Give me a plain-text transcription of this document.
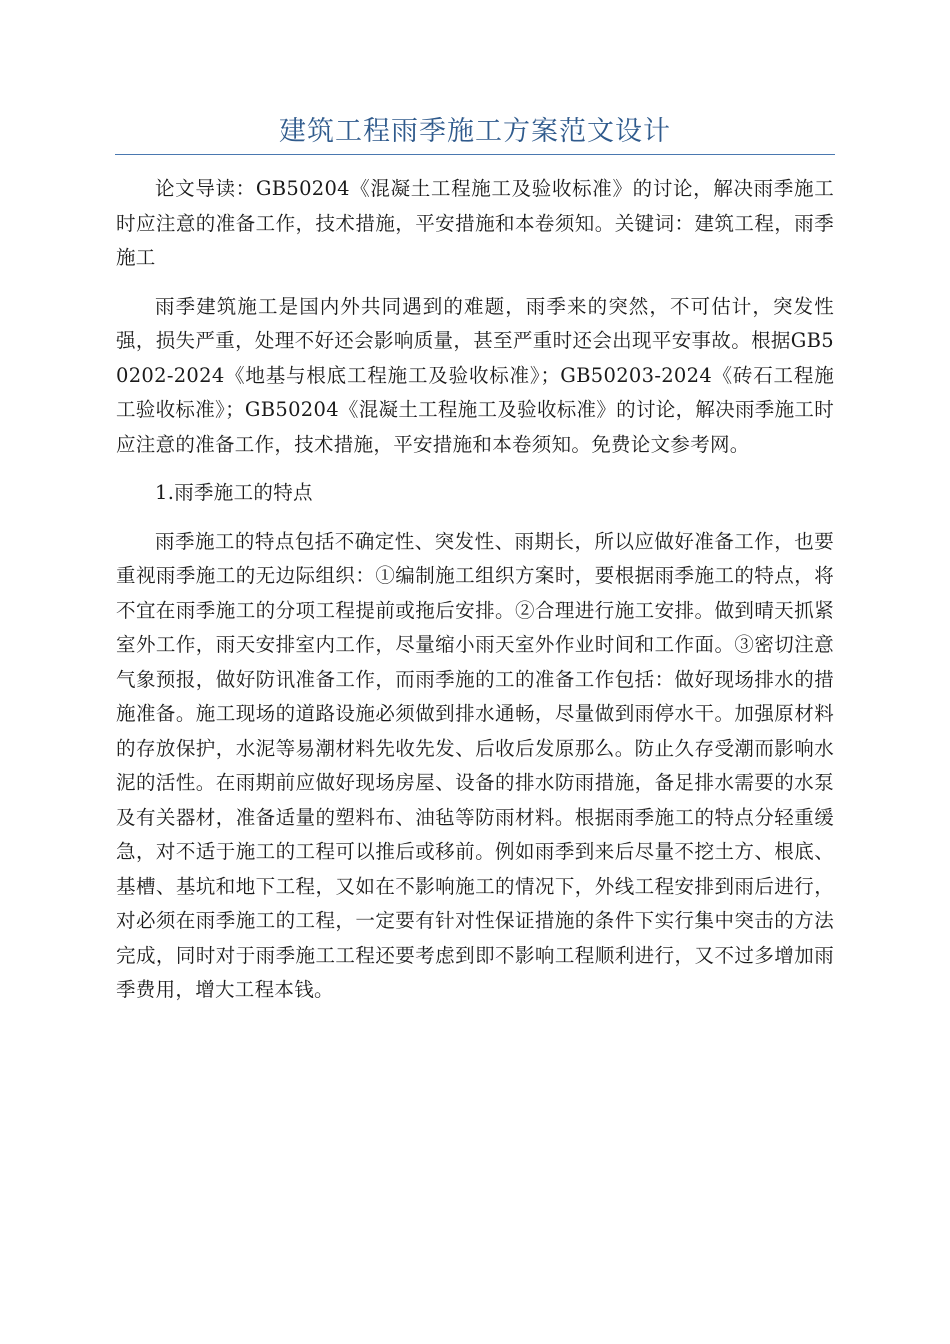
建筑工程雨季施工方案范文设计

论文导读：GB50204《混凝土工程施工及验收标准》的讨论，解决雨季施工时应注意的准备工作，技术措施，平安措施和本卷须知。关键词：建筑工程，雨季施工

雨季建筑施工是国内外共同遇到的难题，雨季来的突然，不可估计，突发性强，损失严重，处理不好还会影响质量，甚至严重时还会出现平安事故。根据GB50202-2024《地基与根底工程施工及验收标准》；GB50203-2024《砖石工程施工验收标准》；GB50204《混凝土工程施工及验收标准》的讨论，解决雨季施工时应注意的准备工作，技术措施，平安措施和本卷须知。免费论文参考网。

1.雨季施工的特点

雨季施工的特点包括不确定性、突发性、雨期长，所以应做好准备工作，也要重视雨季施工的无边际组织：①编制施工组织方案时，要根据雨季施工的特点，将不宜在雨季施工的分项工程提前或拖后安排。②合理进行施工安排。做到晴天抓紧室外工作，雨天安排室内工作，尽量缩小雨天室外作业时间和工作面。③密切注意气象预报，做好防讯准备工作，而雨季施的工的准备工作包括：做好现场排水的措施准备。施工现场的道路设施必须做到排水通畅，尽量做到雨停水干。加强原材料的存放保护，水泥等易潮材料先收先发、后收后发原那么。防止久存受潮而影响水泥的活性。在雨期前应做好现场房屋、设备的排水防雨措施，备足排水需要的水泵及有关器材，准备适量的塑料布、油毡等防雨材料。根据雨季施工的特点分轻重缓急，对不适于施工的工程可以推后或移前。例如雨季到来后尽量不挖土方、根底、基槽、基坑和地下工程，又如在不影响施工的情况下，外线工程安排到雨后进行，对必须在雨季施工的工程，一定要有针对性保证措施的条件下实行集中突击的方法完成，同时对于雨季施工工程还要考虑到即不影响工程顺利进行，又不过多增加雨季费用，增大工程本钱。
